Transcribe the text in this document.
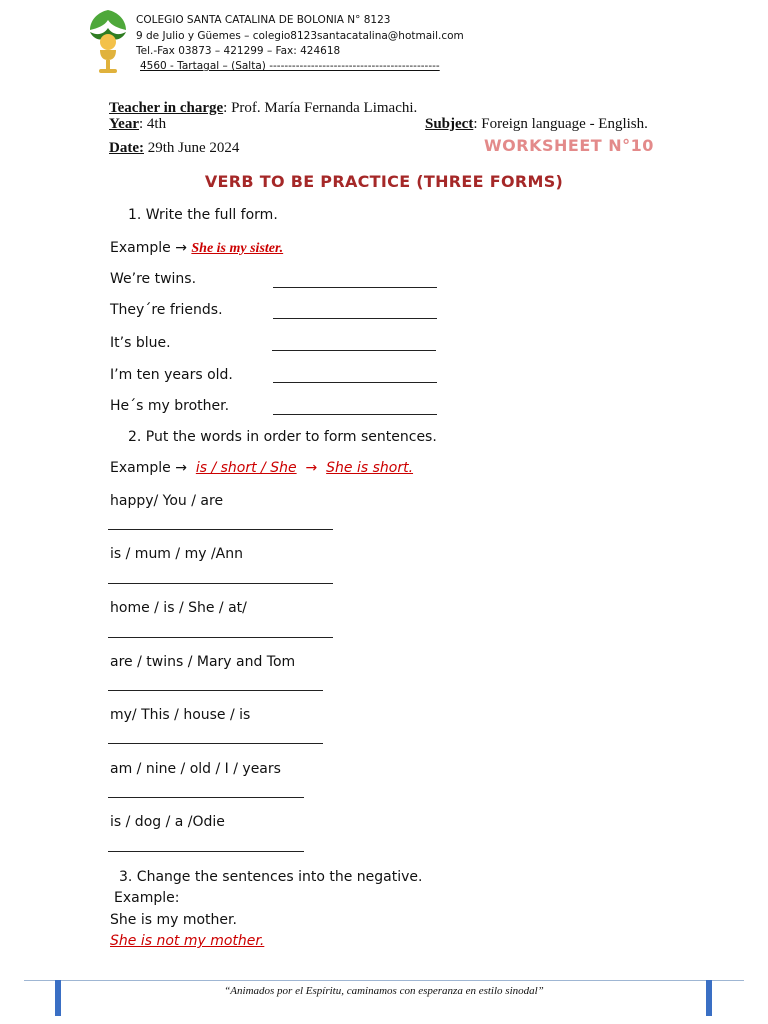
COLEGIO SANTA CATALINA DE BOLONIA N° 8123
9 de Julio y Güemes – colegio8123santacatalina@hotmail.com
Tel.-Fax 03873 – 421299 – Fax: 424618
4560 - Tartagal – (Salta) ---------------------------------------------
Teacher in charge: Prof. María Fernanda Limachi.
Year: 4th	Subject: Foreign language - English.
Date: 29th June 2024	WORKSHEET N°10
VERB TO BE PRACTICE (THREE FORMS)
1. Write the full form.
Example → She is my sister.
We’re twins.
They´re friends.
It’s blue.
I’m ten years old.
He´s my brother.
2. Put the words in order to form sentences.
Example → is / short / She → She is short.
happy/ You / are
is / mum / my /Ann
home / is / She / at/
are / twins / Mary and Tom
my/ This / house / is
am / nine / old / I / years
is / dog / a /Odie
3. Change the sentences into the negative.
Example:
She is my mother.
She is not my mother.
“Animados por el Espíritu, caminamos con esperanza en estilo sinodal”
